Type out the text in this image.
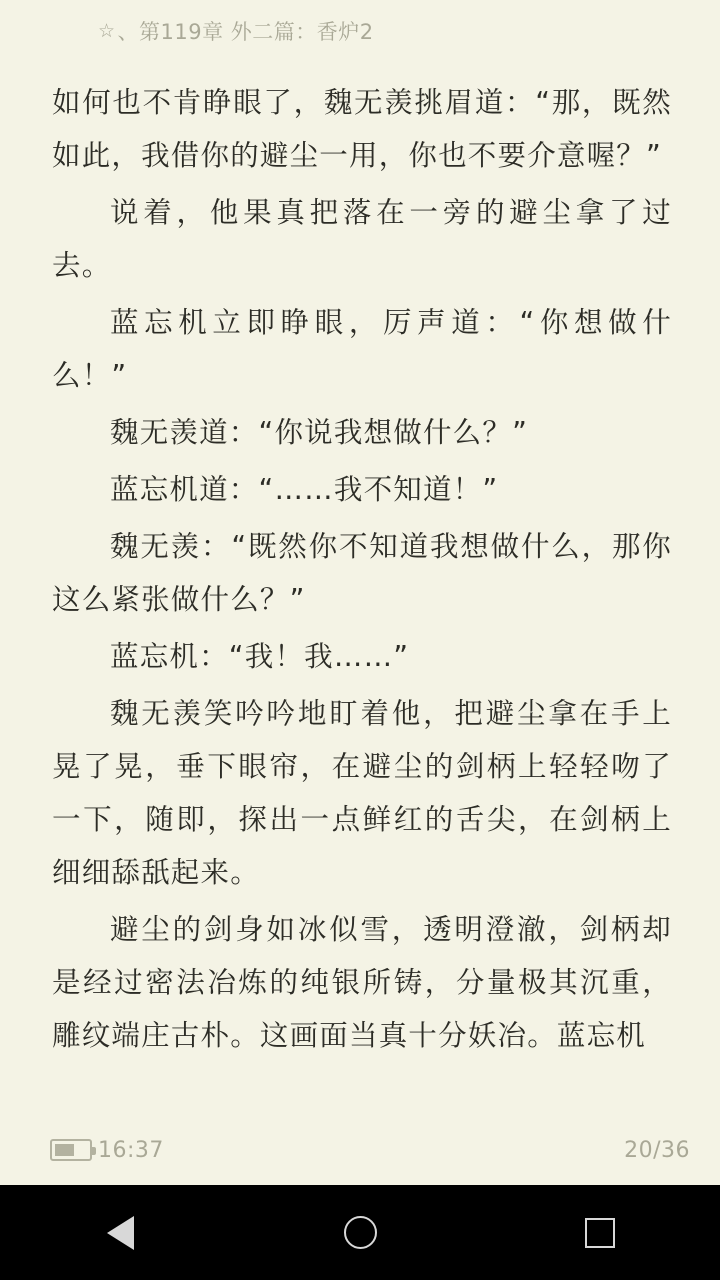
☆ 、第119章 外二篇：香炉2

如何也不肯睁眼了，魏无羡挑眉道：“那，既然如此，我借你的避尘一用，你也不要介意喔？”

说着，他果真把落在一旁的避尘拿了过去。

蓝忘机立即睁眼，厉声道：“你想做什么！”

魏无羡道：“你说我想做什么？”

蓝忘机道：“……我不知道！”

魏无羡：“既然你不知道我想做什么，那你这么紧张做什么？”

蓝忘机：“我！我……”

魏无羡笑吟吟地盯着他，把避尘拿在手上晃了晃，垂下眼帘，在避尘的剑柄上轻轻吻了一下，随即，探出一点鲜红的舌尖，在剑柄上细细舔舐起来。

避尘的剑身如冰似雪，透明澄澈，剑柄却是经过密法冶炼的纯银所铸，分量极其沉重，雕纹端庄古朴。这画面当真十分妖冶。蓝忘机

16:37	20/36
